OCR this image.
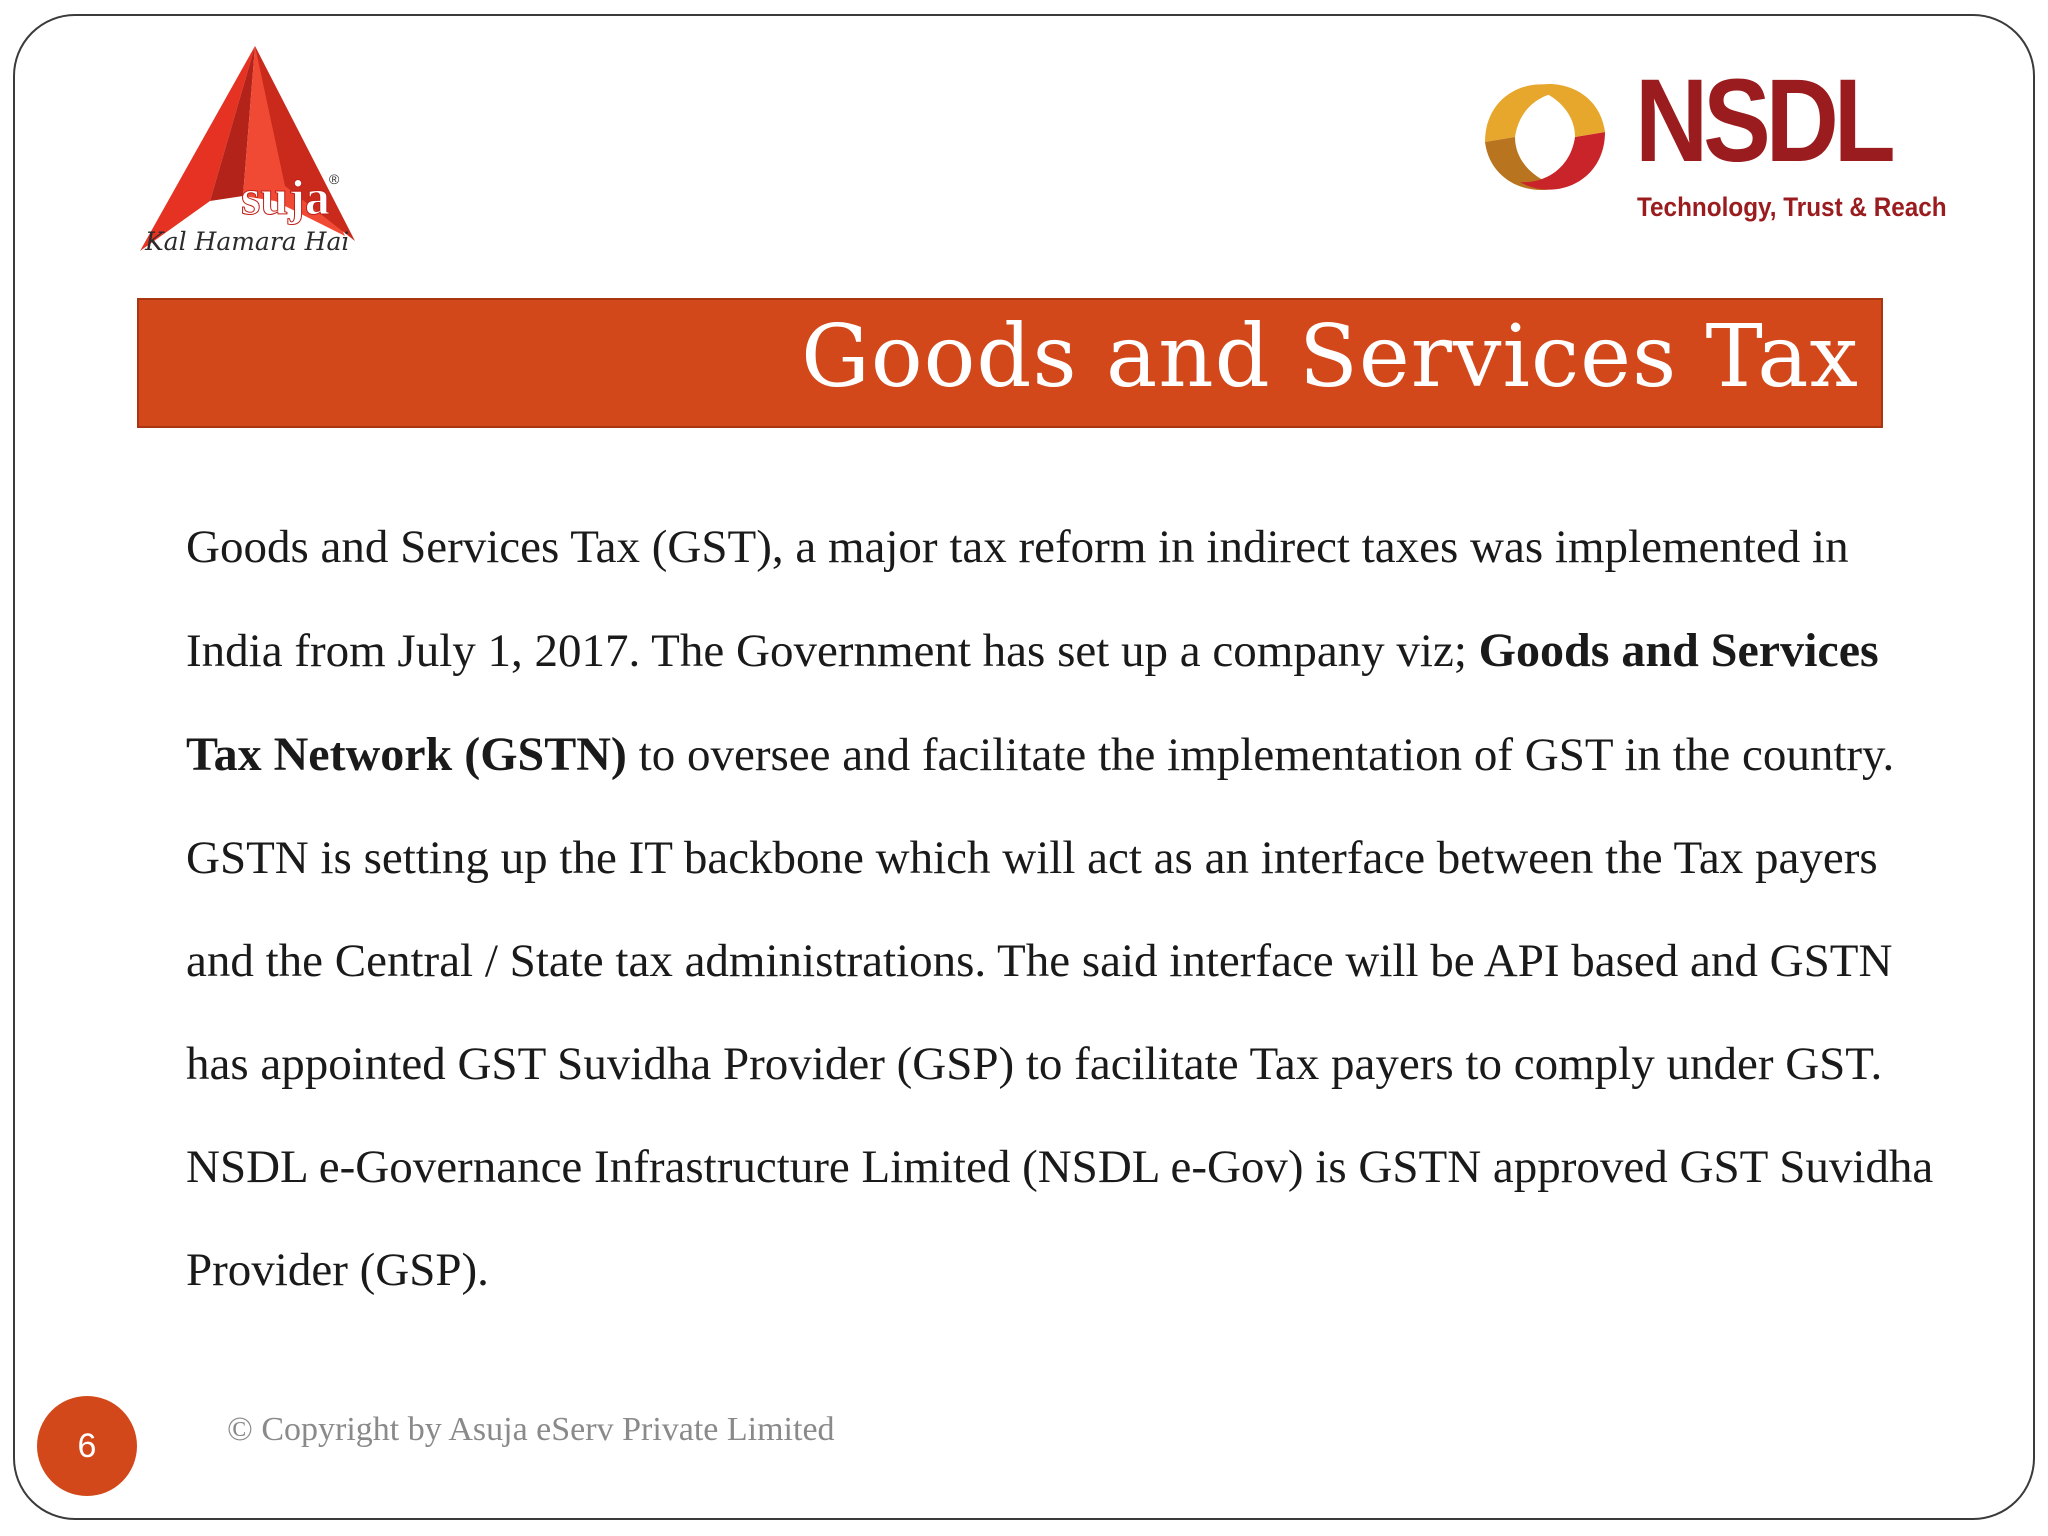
suja ®
Kal Hamara Hai
NSDL
Technology, Trust & Reach
Goods and Services Tax
Goods and Services Tax (GST), a major tax reform in indirect taxes was implemented in India from July 1, 2017. The Government has set up a company viz; Goods and Services Tax Network (GSTN) to oversee and facilitate the implementation of GST in the country. GSTN is setting up the IT backbone which will act as an interface between the Tax payers and the Central / State tax administrations. The said interface will be API based and GSTN has appointed GST Suvidha Provider (GSP) to facilitate Tax payers to comply under GST. NSDL e-Governance Infrastructure Limited (NSDL e-Gov) is GSTN approved GST Suvidha Provider (GSP).
6	© Copyright by Asuja eServ Private Limited
